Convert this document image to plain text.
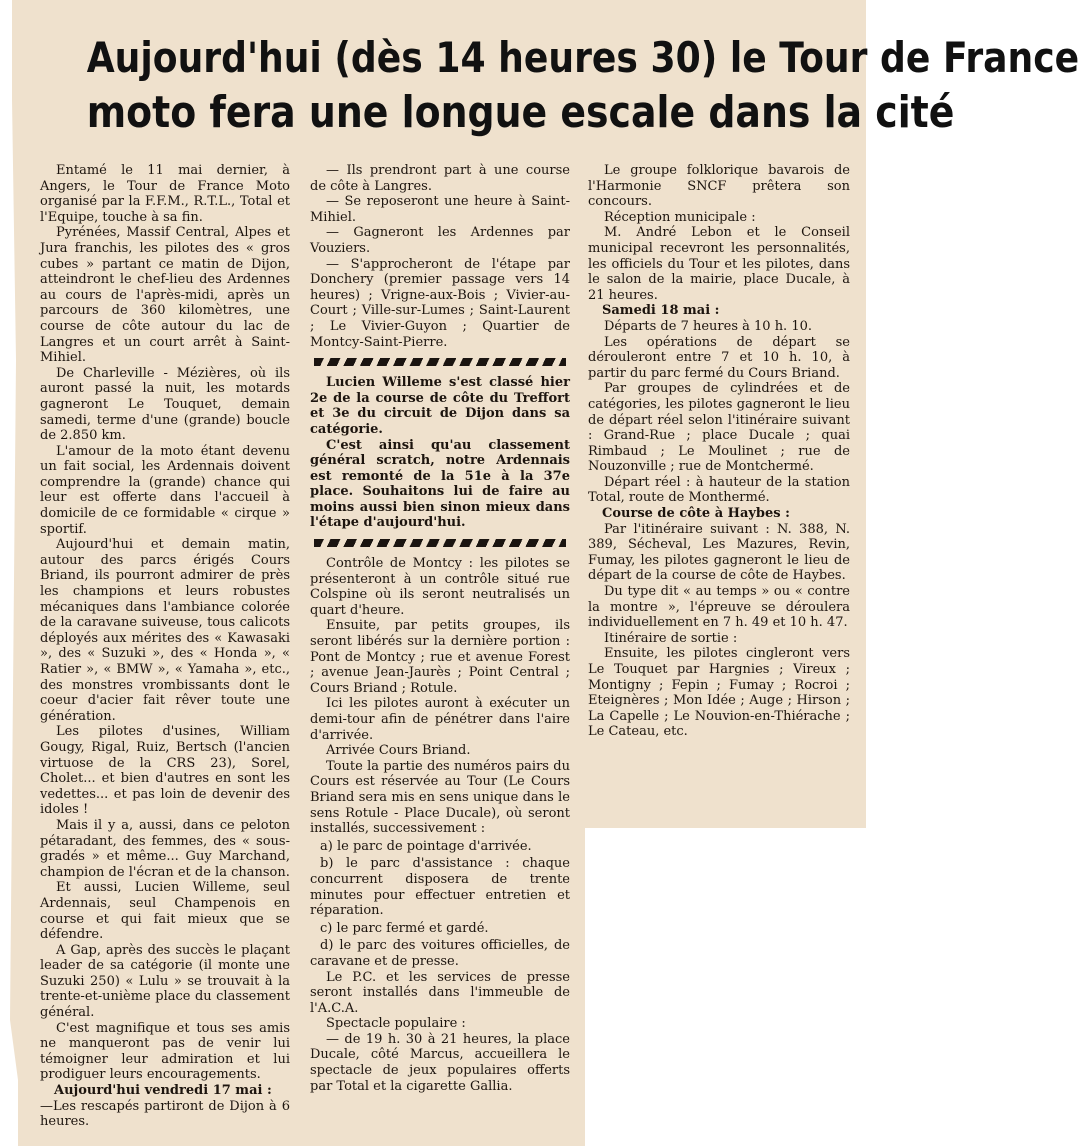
Aujourd'hui (dès 14 heures 30) le Tour de France
moto fera une longue escale dans la cité

Entamé le 11 mai dernier, à Angers, le Tour de France Moto organisé par la F.F.M., R.T.L., Total et l'Equipe, touche à sa fin.

Pyrénées, Massif Central, Alpes et Jura franchis, les pilotes des « gros cubes » partant ce matin de Dijon, atteindront le chef-lieu des Ardennes au cours de l'après-midi, après un parcours de 360 kilomètres, une course de côte autour du lac de Langres et un court arrêt à Saint-Mihiel.

De Charleville - Mézières, où ils auront passé la nuit, les motards gagneront Le Touquet, demain samedi, terme d'une (grande) boucle de 2.850 km.

L'amour de la moto étant devenu un fait social, les Ardennais doivent comprendre la (grande) chance qui leur est offerte dans l'accueil à domicile de ce formidable « cirque » sportif.

Aujourd'hui et demain matin, autour des parcs érigés Cours Briand, ils pourront admirer de près les champions et leurs robustes mécaniques dans l'ambiance colorée de la caravane suiveuse, tous calicots déployés aux mérites des « Kawasaki », des « Suzuki », des « Honda », « Ratier », « BMW », « Yamaha », etc., des monstres vrombissants dont le coeur d'acier fait rêver toute une génération.

Les pilotes d'usines, William Gougy, Rigal, Ruiz, Bertsch (l'ancien virtuose de la CRS 23), Sorel, Cholet... et bien d'autres en sont les vedettes... et pas loin de devenir des idoles !

Mais il y a, aussi, dans ce peloton pétaradant, des femmes, des « sous-gradés » et même... Guy Marchand, champion de l'écran et de la chanson.

Et aussi, Lucien Willeme, seul Ardennais, seul Champenois en course et qui fait mieux que se défendre.

A Gap, après des succès le plaçant leader de sa catégorie (il monte une Suzuki 250) « Lulu » se trouvait à la trente-et-unième place du classement général.

C'est magnifique et tous ses amis ne manqueront pas de venir lui témoigner leur admiration et lui prodiguer leurs encouragements.

Aujourd'hui vendredi 17 mai :

—Les rescapés partiront de Dijon à 6 heures.

— Ils prendront part à une course de côte à Langres.

— Se reposeront une heure à Saint-Mihiel.

— Gagneront les Ardennes par Vouziers.

— S'approcheront de l'étape par Donchery (premier passage vers 14 heures) ; Vrigne-aux-Bois ; Vivier-au-Court ; Ville-sur-Lumes ; Saint-Laurent ; Le Vivier-Guyon ; Quartier de Montcy-Saint-Pierre.

Lucien Willeme s'est classé hier 2e de la course de côte du Treffort et 3e du circuit de Dijon dans sa catégorie.

C'est ainsi qu'au classement général scratch, notre Ardennais est remonté de la 51e à la 37e place. Souhaitons lui de faire au moins aussi bien sinon mieux dans l'étape d'aujourd'hui.

Contrôle de Montcy : les pilotes se présenteront à un contrôle situé rue Colspine où ils seront neutralisés un quart d'heure.

Ensuite, par petits groupes, ils seront libérés sur la dernière portion : Pont de Montcy ; rue et avenue Forest ; avenue Jean-Jaurès ; Point Central ; Cours Briand ; Rotule.

Ici les pilotes auront à exécuter un demi-tour afin de pénétrer dans l'aire d'arrivée.

Arrivée Cours Briand.

Toute la partie des numéros pairs du Cours est réservée au Tour (Le Cours Briand sera mis en sens unique dans le sens Rotule - Place Ducale), où seront installés, successivement :

a) le parc de pointage d'arrivée.

b) le parc d'assistance : chaque concurrent disposera de trente minutes pour effectuer entretien et réparation.

c) le parc fermé et gardé.

d) le parc des voitures officielles, de caravane et de presse.

Le P.C. et les services de presse seront installés dans l'immeuble de l'A.C.A.

Spectacle populaire :

— de 19 h. 30 à 21 heures, la place Ducale, côté Marcus, accueillera le spectacle de jeux populaires offerts par Total et la cigarette Gallia.

Le groupe folklorique bavarois de l'Harmonie SNCF prêtera son concours.

Réception municipale :

M. André Lebon et le Conseil municipal recevront les personnalités, les officiels du Tour et les pilotes, dans le salon de la mairie, place Ducale, à 21 heures.

Samedi 18 mai :

Départs de 7 heures à 10 h. 10.

Les opérations de départ se dérouleront entre 7 et 10 h. 10, à partir du parc fermé du Cours Briand.

Par groupes de cylindrées et de catégories, les pilotes gagneront le lieu de départ réel selon l'itinéraire suivant : Grand-Rue ; place Ducale ; quai Rimbaud ; Le Moulinet ; rue de Nouzonville ; rue de Montchermé.

Départ réel : à hauteur de la station Total, route de Monthermé.

Course de côte à Haybes :

Par l'itinéraire suivant : N. 388, N. 389, Sécheval, Les Mazures, Revin, Fumay, les pilotes gagneront le lieu de départ de la course de côte de Haybes.

Du type dit « au temps » ou « contre la montre », l'épreuve se déroulera individuellement en 7 h. 49 et 10 h. 47.

Itinéraire de sortie :

Ensuite, les pilotes cingleront vers Le Touquet par Hargnies ; Vireux ; Montigny ; Fepin ; Fumay ; Rocroi ; Eteignères ; Mon Idée ; Auge ; Hirson ; La Capelle ; Le Nouvion-en-Thiérache ; Le Cateau, etc.
